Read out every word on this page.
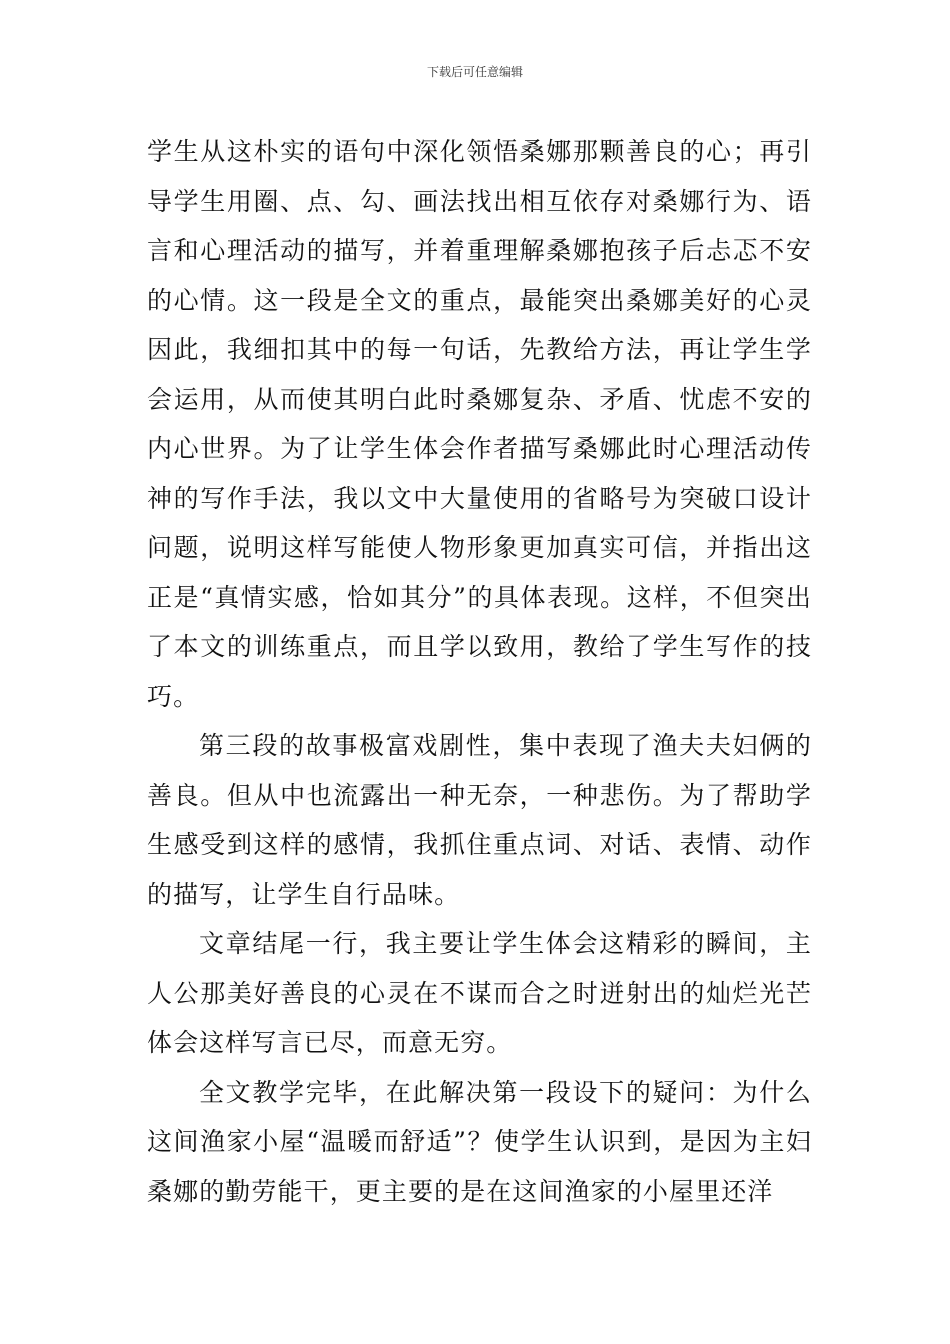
下载后可任意编辑

学生从这朴实的语句中深化领悟桑娜那颗善良的心；再引导学生用圈、点、勾、画法找出相互依存对桑娜行为、语言和心理活动的描写，并着重理解桑娜抱孩子后忐忑不安的心情。这一段是全文的重点，最能突出桑娜美好的心灵因此，我细扣其中的每一句话，先教给方法，再让学生学会运用，从而使其明白此时桑娜复杂、矛盾、忧虑不安的内心世界。为了让学生体会作者描写桑娜此时心理活动传神的写作手法，我以文中大量使用的省略号为突破口设计问题，说明这样写能使人物形象更加真实可信，并指出这正是“真情实感，恰如其分”的具体表现。这样，不但突出了本文的训练重点，而且学以致用，教给了学生写作的技巧。

第三段的故事极富戏剧性，集中表现了渔夫夫妇俩的善良。但从中也流露出一种无奈，一种悲伤。为了帮助学生感受到这样的感情，我抓住重点词、对话、表情、动作的描写，让学生自行品味。

文章结尾一行，我主要让学生体会这精彩的瞬间，主人公那美好善良的心灵在不谋而合之时迸射出的灿烂光芒体会这样写言已尽，而意无穷。

全文教学完毕，在此解决第一段设下的疑问：为什么这间渔家小屋“温暖而舒适”？使学生认识到，是因为主妇桑娜的勤劳能干，更主要的是在这间渔家的小屋里还洋
